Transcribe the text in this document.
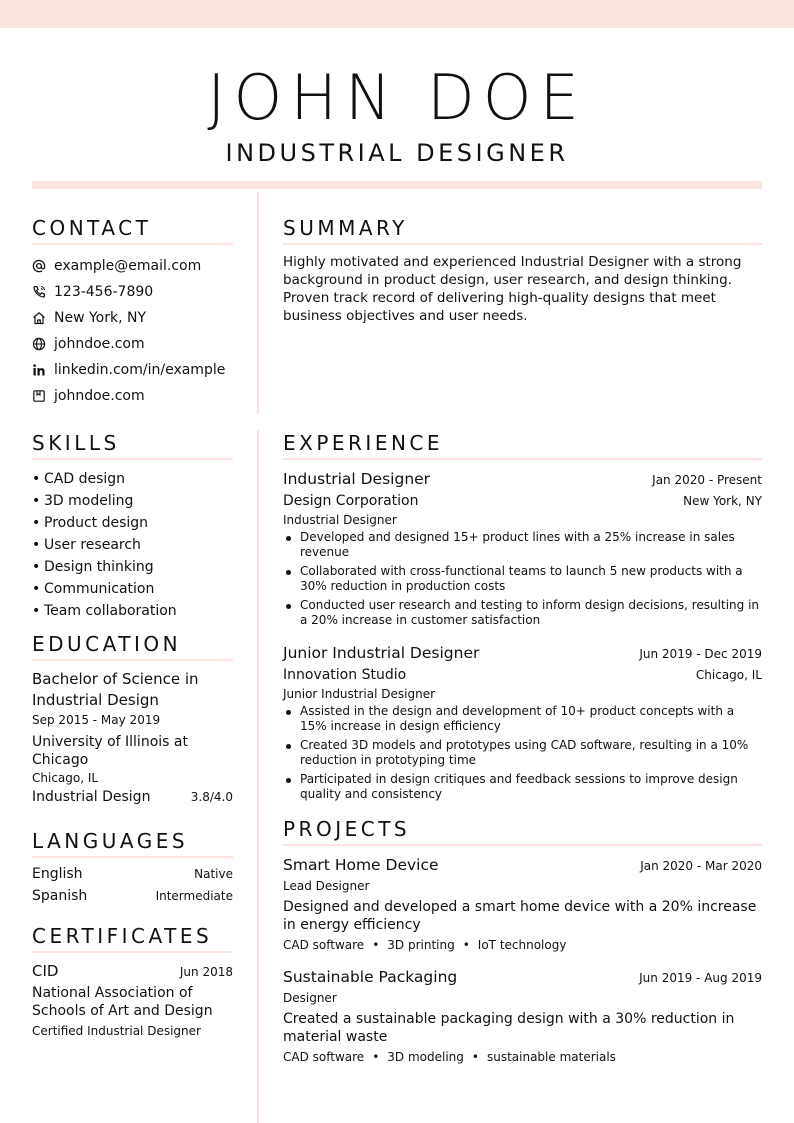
JOHN DOE
INDUSTRIAL DESIGNER
CONTACT
example@email.com
123-456-7890
New York, NY
johndoe.com
linkedin.com/in/example
johndoe.com
SUMMARY
Highly motivated and experienced Industrial Designer with a strong background in product design, user research, and design thinking. Proven track record of delivering high-quality designs that meet business objectives and user needs.
SKILLS
• CAD design
• 3D modeling
• Product design
• User research
• Design thinking
• Communication
• Team collaboration
EDUCATION
Bachelor of Science in Industrial Design
Sep 2015 - May 2019
University of Illinois at Chicago
Chicago, IL
Industrial Design	3.8/4.0
LANGUAGES
English	Native
Spanish	Intermediate
CERTIFICATES
CID	Jun 2018
National Association of Schools of Art and Design
Certified Industrial Designer
EXPERIENCE
Industrial Designer	Jan 2020 - Present
Design Corporation	New York, NY
Industrial Designer
Developed and designed 15+ product lines with a 25% increase in sales revenue
Collaborated with cross-functional teams to launch 5 new products with a 30% reduction in production costs
Conducted user research and testing to inform design decisions, resulting in a 20% increase in customer satisfaction
Junior Industrial Designer	Jun 2019 - Dec 2019
Innovation Studio	Chicago, IL
Junior Industrial Designer
Assisted in the design and development of 10+ product concepts with a 15% increase in design efficiency
Created 3D models and prototypes using CAD software, resulting in a 10% reduction in prototyping time
Participated in design critiques and feedback sessions to improve design quality and consistency
PROJECTS
Smart Home Device	Jan 2020 - Mar 2020
Lead Designer
Designed and developed a smart home device with a 20% increase in energy efficiency
CAD software • 3D printing • IoT technology
Sustainable Packaging	Jun 2019 - Aug 2019
Designer
Created a sustainable packaging design with a 30% reduction in material waste
CAD software • 3D modeling • sustainable materials
